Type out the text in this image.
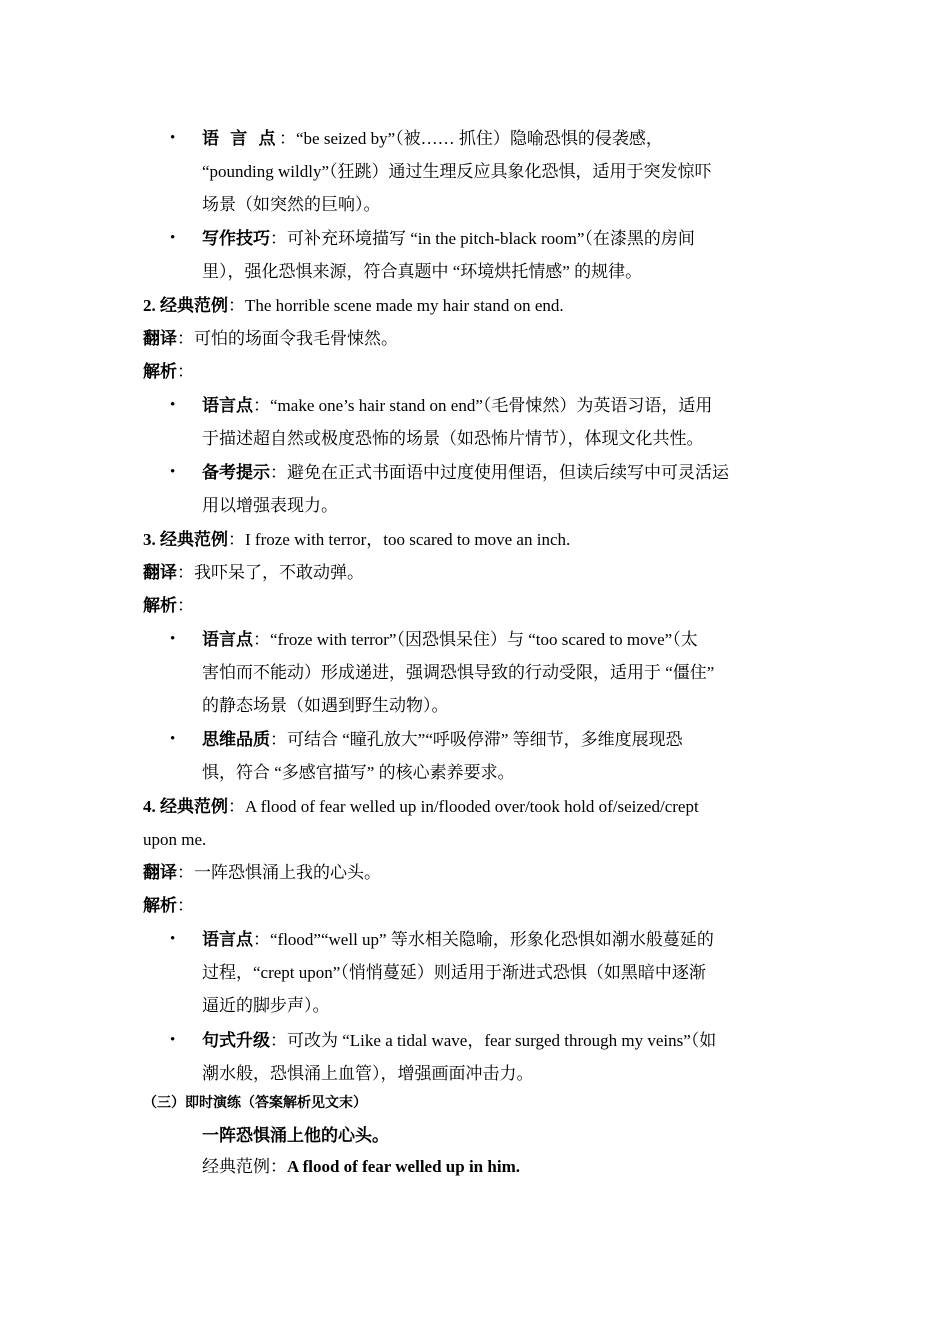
• 语 言 点：“be seized by”（被…… 抓住）隐喻恐惧的侵袭感，
“pounding wildly”（狂跳）通过生理反应具象化恐惧，适用于突发惊吓
场景（如突然的巨响）。
• 写作技巧：可补充环境描写 “in the pitch-black room”（在漆黑的房间
里），强化恐惧来源，符合真题中 “环境烘托情感” 的规律。
2. 经典范例：The horrible scene made my hair stand on end.
翻译：可怕的场面令我毛骨悚然。
解析：
• 语言点：“make one’s hair stand on end”（毛骨悚然）为英语习语，适用
于描述超自然或极度恐怖的场景（如恐怖片情节），体现文化共性。
• 备考提示：避免在正式书面语中过度使用俚语，但读后续写中可灵活运
用以增强表现力。
3. 经典范例：I froze with terror，too scared to move an inch.
翻译：我吓呆了，不敢动弹。
解析：
• 语言点：“froze with terror”（因恐惧呆住）与 “too scared to move”（太
害怕而不能动）形成递进，强调恐惧导致的行动受限，适用于 “僵住”
的静态场景（如遇到野生动物）。
• 思维品质：可结合 “瞳孔放大”“呼吸停滞” 等细节，多维度展现恐
惧，符合 “多感官描写” 的核心素养要求。
4. 经典范例：A flood of fear welled up in/flooded over/took hold of/seized/crept
upon me.
翻译：一阵恐惧涌上我的心头。
解析：
• 语言点：“flood”“well up” 等水相关隐喻，形象化恐惧如潮水般蔓延的
过程，“crept upon”（悄悄蔓延）则适用于渐进式恐惧（如黑暗中逐渐
逼近的脚步声）。
• 句式升级：可改为 “Like a tidal wave，fear surged through my veins”（如
潮水般，恐惧涌上血管），增强画面冲击力。
（三）即时演练（答案解析见文末）
一阵恐惧涌上他的心头。
经典范例：A flood of fear welled up in him.
